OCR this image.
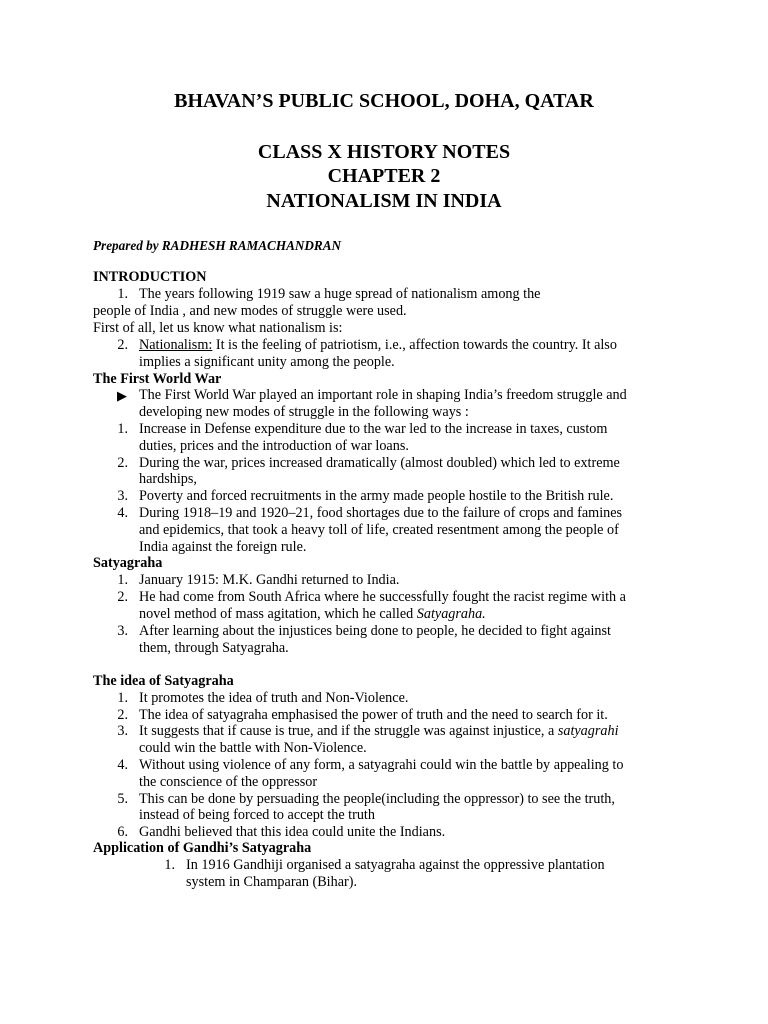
BHAVAN’S PUBLIC SCHOOL, DOHA, QATAR
CLASS X HISTORY NOTES
CHAPTER 2
NATIONALISM IN INDIA
Prepared by RADHESH RAMACHANDRAN
INTRODUCTION
1. The years following 1919 saw a huge spread of nationalism among the
people of India , and new modes of struggle were used.
First of all, let us know what nationalism is:
2. Nationalism: It is the feeling of patriotism, i.e., affection towards the country. It also
implies a significant unity among the people.
The First World War
▶ The First World War played an important role in shaping India’s freedom struggle and
developing new modes of struggle in the following ways :
1. Increase in Defense expenditure due to the war led to the increase in taxes, custom
duties, prices and the introduction of war loans.
2. During the war, prices increased dramatically (almost doubled) which led to extreme
hardships,
3. Poverty and forced recruitments in the army made people hostile to the British rule.
4. During 1918–19 and 1920–21, food shortages due to the failure of crops and famines
and epidemics, that took a heavy toll of life, created resentment among the people of
India against the foreign rule.
Satyagraha
1. January 1915: M.K. Gandhi returned to India.
2. He had come from South Africa where he successfully fought the racist regime with a
novel method of mass agitation, which he called Satyagraha.
3. After learning about the injustices being done to people, he decided to fight against
them, through Satyagraha.
The idea of Satyagraha
1. It promotes the idea of truth and Non-Violence.
2. The idea of satyagraha emphasised the power of truth and the need to search for it.
3. It suggests that if cause is true, and if the struggle was against injustice, a satyagrahi
could win the battle with Non-Violence.
4. Without using violence of any form, a satyagrahi could win the battle by appealing to
the conscience of the oppressor
5. This can be done by persuading the people(including the oppressor) to see the truth,
instead of being forced to accept the truth
6. Gandhi believed that this idea could unite the Indians.
Application of Gandhi’s Satyagraha
1. In 1916 Gandhiji organised a satyagraha against the oppressive plantation
system in Champaran (Bihar).
